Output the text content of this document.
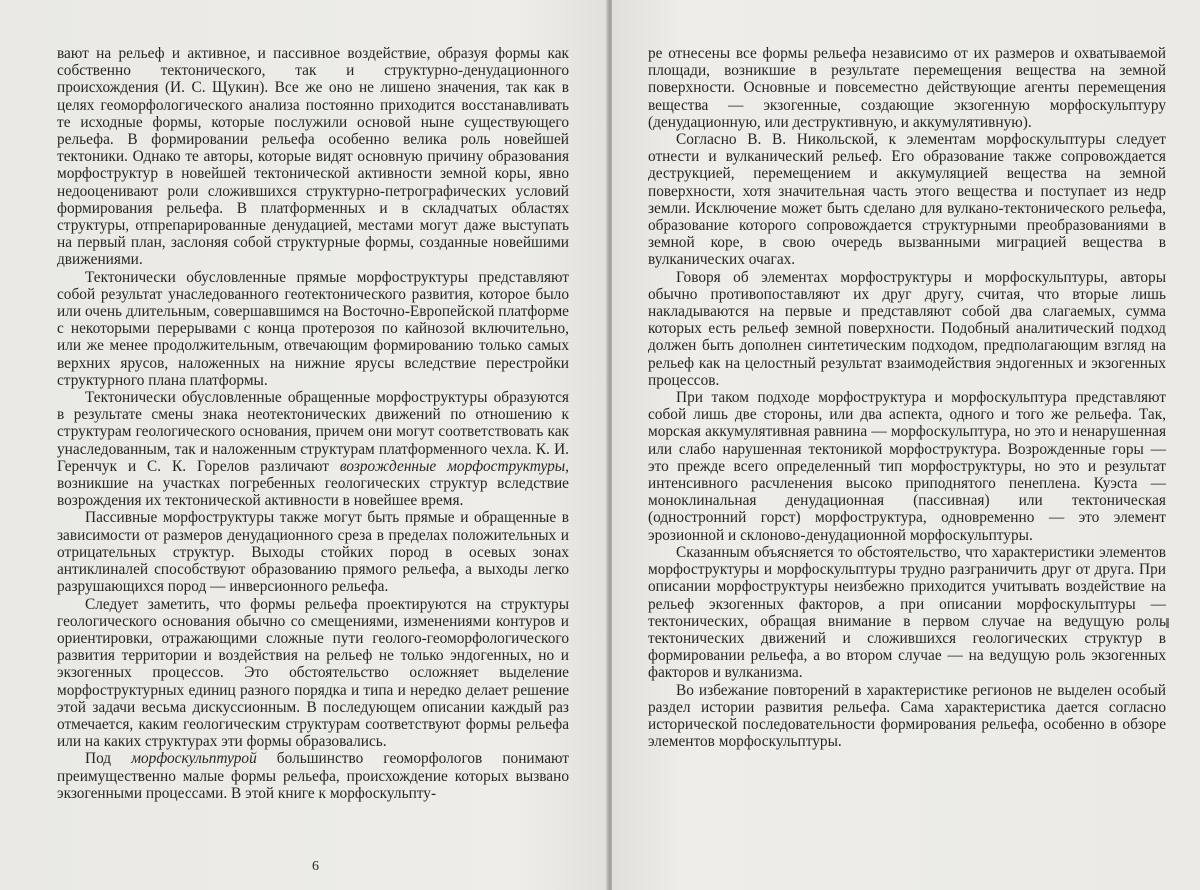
вают на рельеф и активное, и пассивное воздействие, образуя формы как собственно тектонического, так и структурно-денудационного происхождения (И. С. Щукин). Все же оно не лишено значения, так как в целях геоморфологического анализа постоянно приходится восстанавливать те исходные формы, которые послужили основой ныне существующего рельефа. В формировании рельефа особенно велика роль новейшей тектоники. Однако те авторы, которые видят основную причину образования морфоструктур в новейшей тектонической активности земной коры, явно недооценивают роли сложившихся структурно-петрографических условий формирования рельефа. В платформенных и в складчатых областях структуры, отпрепарированные денудацией, местами могут даже выступать на первый план, заслоняя собой структурные формы, созданные новейшими движениями.

Тектонически обусловленные прямые морфоструктуры представляют собой результат унаследованного геотектонического развития, которое было или очень длительным, совершавшимся на Восточно-Европейской платформе с некоторыми перерывами с конца протерозоя по кайнозой включительно, или же менее продолжительным, отвечающим формированию только самых верхних ярусов, наложенных на нижние ярусы вследствие перестройки структурного плана платформы.

Тектонически обусловленные обращенные морфоструктуры образуются в результате смены знака неотектонических движений по отношению к структурам геологического основания, причем они могут соответствовать как унаследованным, так и наложенным структурам платформенного чехла. К. И. Геренчук и С. К. Горелов различают возрожденные морфоструктуры, возникшие на участках погребенных геологических структур вследствие возрождения их тектонической активности в новейшее время.

Пассивные морфоструктуры также могут быть прямые и обращенные в зависимости от размеров денудационного среза в пределах положительных и отрицательных структур. Выходы стойких пород в осевых зонах антиклиналей способствуют образованию прямого рельефа, а выходы легко разрушающихся пород — инверсионного рельефа.

Следует заметить, что формы рельефа проектируются на структуры геологического основания обычно со смещениями, изменениями контуров и ориентировки, отражающими сложные пути геолого-геоморфологического развития территории и воздействия на рельеф не только эндогенных, но и экзогенных процессов. Это обстоятельство осложняет выделение морфоструктурных единиц разного порядка и типа и нередко делает решение этой задачи весьма дискуссионным. В последующем описании каждый раз отмечается, каким геологическим структурам соответствуют формы рельефа или на каких структурах эти формы образовались.

Под морфоскульптурой большинство геоморфологов понимают преимущественно малые формы рельефа, происхождение которых вызвано экзогенными процессами. В этой книге к морфоскульпту-

6

ре отнесены все формы рельефа независимо от их размеров и охватываемой площади, возникшие в результате перемещения вещества на земной поверхности. Основные и повсеместно действующие агенты перемещения вещества — экзогенные, создающие экзогенную морфоскульптуру (денудационную, или деструктивную, и аккумулятивную).

Согласно В. В. Никольской, к элементам морфоскульптуры следует отнести и вулканический рельеф. Его образование также сопровождается деструкцией, перемещением и аккумуляцией вещества на земной поверхности, хотя значительная часть этого вещества и поступает из недр земли. Исключение может быть сделано для вулкано-тектонического рельефа, образование которого сопровождается структурными преобразованиями в земной коре, в свою очередь вызванными миграцией вещества в вулканических очагах.

Говоря об элементах морфоструктуры и морфоскульптуры, авторы обычно противопоставляют их друг другу, считая, что вторые лишь накладываются на первые и представляют собой два слагаемых, сумма которых есть рельеф земной поверхности. Подобный аналитический подход должен быть дополнен синтетическим подходом, предполагающим взгляд на рельеф как на целостный результат взаимодействия эндогенных и экзогенных процессов.

При таком подходе морфоструктура и морфоскульптура представляют собой лишь две стороны, или два аспекта, одного и того же рельефа. Так, морская аккумулятивная равнина — морфоскульптура, но это и ненарушенная или слабо нарушенная тектоникой морфоструктура. Возрожденные горы — это прежде всего определенный тип морфоструктуры, но это и результат интенсивного расчленения высоко приподнятого пенеплена. Куэста — моноклинальная денудационная (пассивная) или тектоническая (одностронний горст) морфоструктура, одновременно — это элемент эрозионной и склоново-денудационной морфоскульптуры.

Сказанным объясняется то обстоятельство, что характеристики элементов морфоструктуры и морфоскульптуры трудно разграничить друг от друга. При описании морфоструктуры неизбежно приходится учитывать воздействие на рельеф экзогенных факторов, а при описании морфоскульптуры — тектонических, обращая внимание в первом случае на ведущую роль тектонических движений и сложившихся геологических структур в формировании рельефа, а во втором случае — на ведущую роль экзогенных факторов и вулканизма.

Во избежание повторений в характеристике регионов не выделен особый раздел истории развития рельефа. Сама характеристика дается согласно исторической последовательности формирования рельефа, особенно в обзоре элементов морфоскульптуры.
